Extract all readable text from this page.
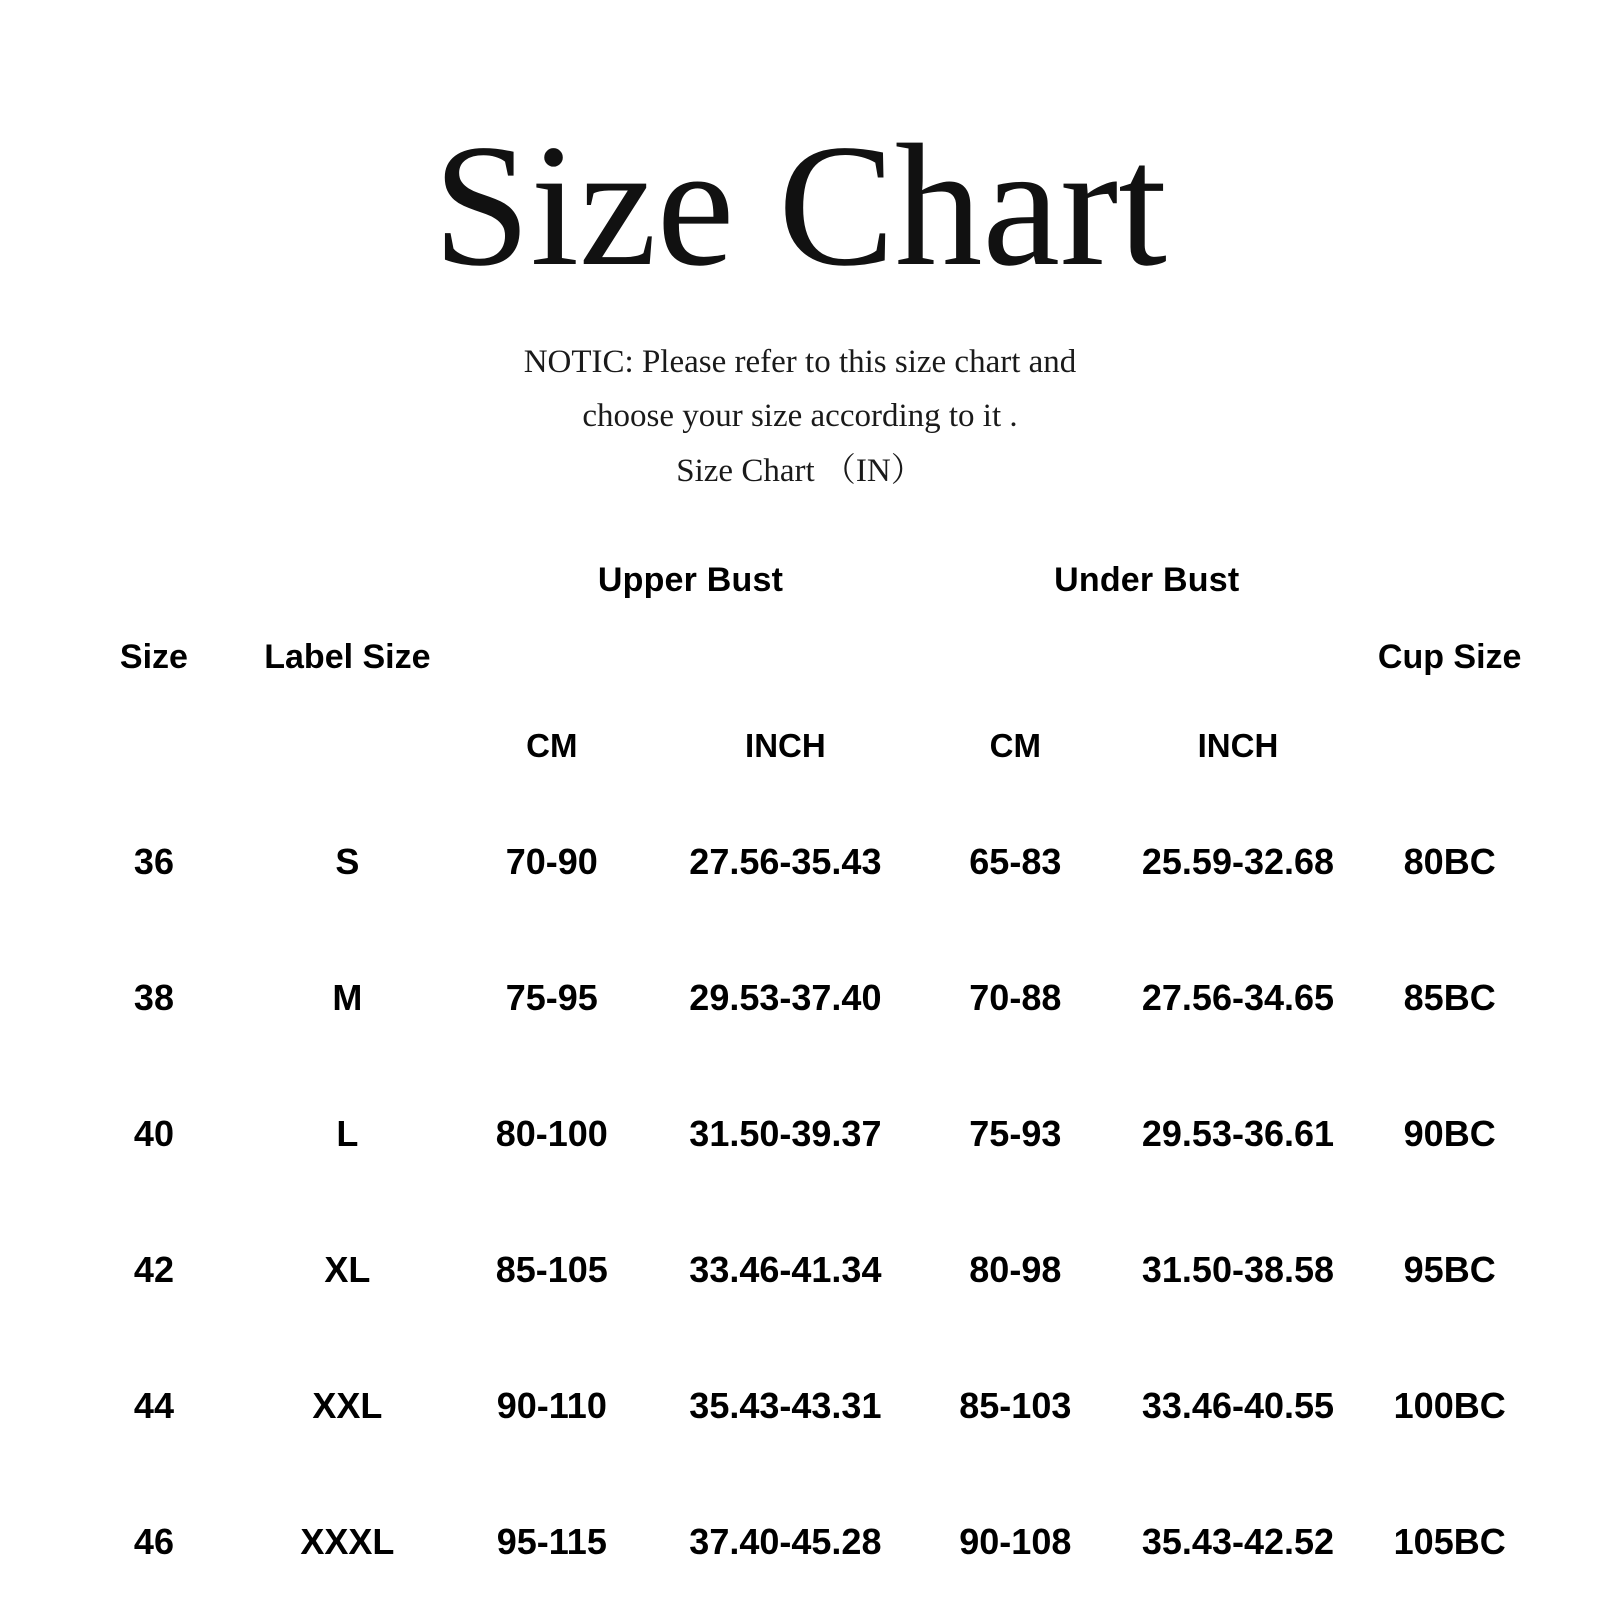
Size Chart
NOTIC: Please refer to this size chart and
choose your size according to it .
Size Chart （IN）
		Upper Bust		Under Bust		
Size	Label Size					Cup Size
		CM	INCH	CM	INCH	
36	S	70-90	27.56-35.43	65-83	25.59-32.68	80BC
38	M	75-95	29.53-37.40	70-88	27.56-34.65	85BC
40	L	80-100	31.50-39.37	75-93	29.53-36.61	90BC
42	XL	85-105	33.46-41.34	80-98	31.50-38.58	95BC
44	XXL	90-110	35.43-43.31	85-103	33.46-40.55	100BC
46	XXXL	95-115	37.40-45.28	90-108	35.43-42.52	105BC
